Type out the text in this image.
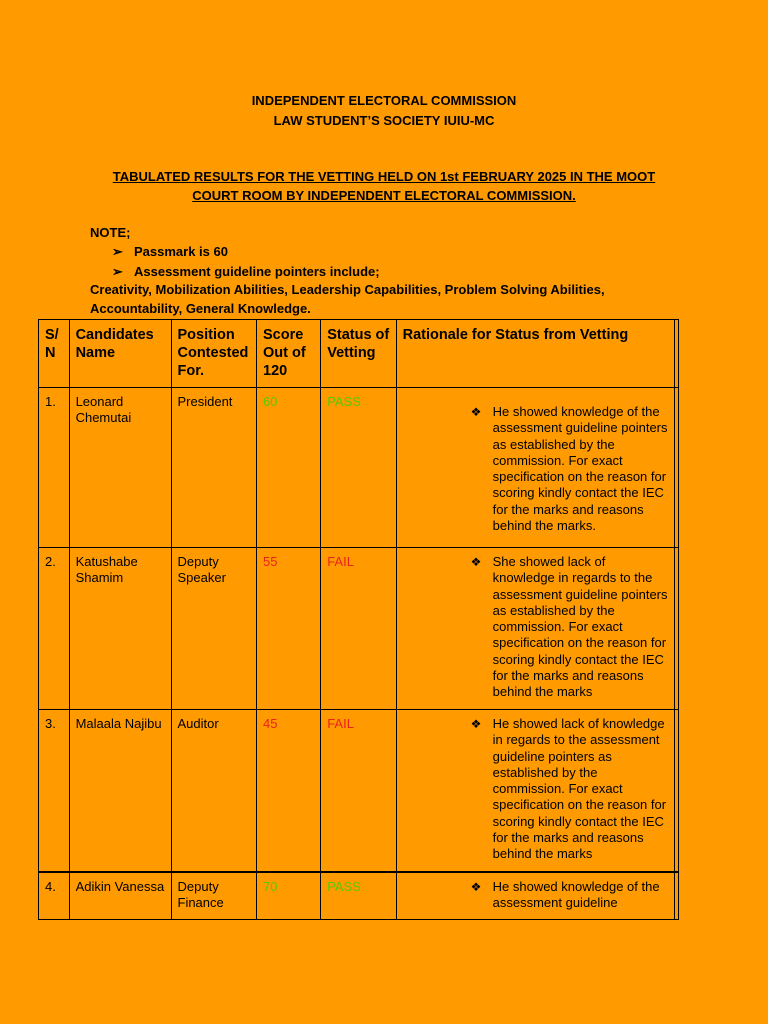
INDEPENDENT ELECTORAL COMMISSION
LAW STUDENT’S SOCIETY IUIU-MC
TABULATED RESULTS FOR THE VETTING HELD ON 1st FEBRUARY 2025 IN THE MOOT
COURT ROOM BY INDEPENDENT ELECTORAL COMMISSION.
NOTE;
➢ Passmark is 60
➢ Assessment guideline pointers include;
Creativity, Mobilization Abilities, Leadership Capabilities, Problem Solving Abilities,
Accountability, General Knowledge.
S/ N	Candidates Name	Position Contested For.	Score Out of 120	Status of Vetting	Rationale for Status from Vetting	
1.	Leonard Chemutai	President	60	PASS	❖ He showed knowledge of the assessment guideline pointers as established by the commission. For exact specification on the reason for scoring kindly contact the IEC for the marks and reasons behind the marks.	

2.	Katushabe Shamim	Deputy Speaker	55	FAIL	❖ She showed lack of knowledge in regards to the assessment guideline pointers as established by the commission. For exact specification on the reason for scoring kindly contact the IEC for the marks and reasons behind the marks	

3.	Malaala Najibu	Auditor	45	FAIL	❖ He showed lack of knowledge in regards to the assessment guideline pointers as established by the commission. For exact specification on the reason for scoring kindly contact the IEC for the marks and reasons behind the marks	

4.	Adikin Vanessa	Deputy Finance	70	PASS	❖ He showed knowledge of the assessment guideline	
